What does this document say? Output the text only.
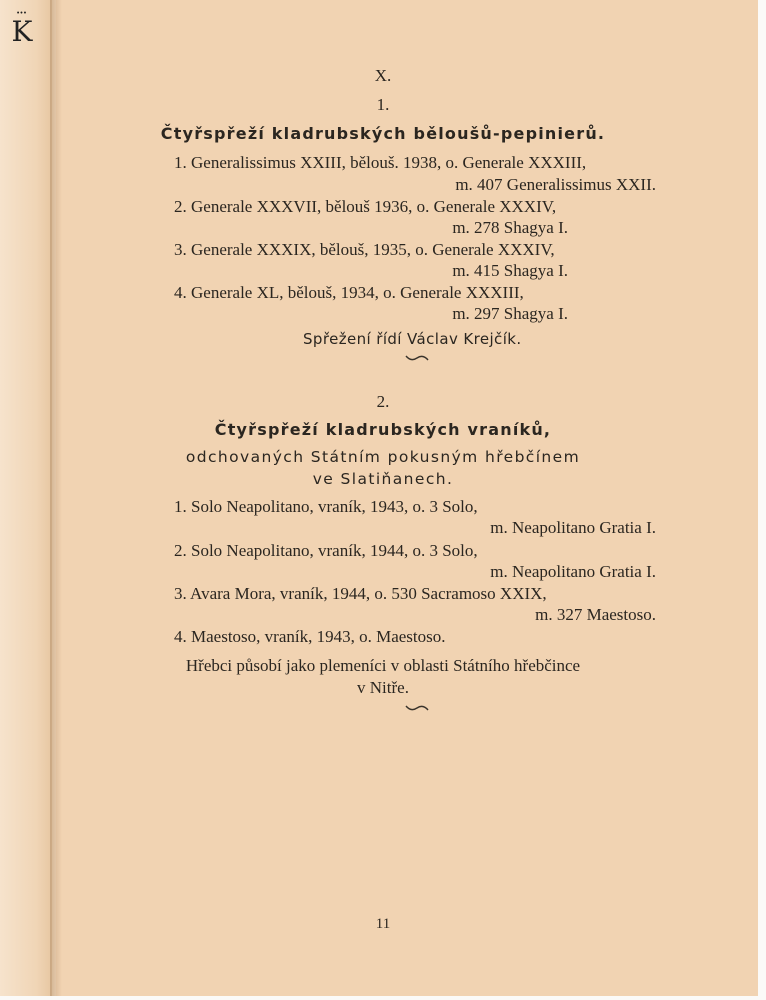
•••
K
X.
1.
Čtyřspřeží kladrubských běloušů-pepinierů.
1. Generalissimus XXIII, bělouš. 1938, o. Generale XXXIII,
m. 407 Generalissimus XXII.
2. Generale XXXVII, bělouš 1936, o. Generale XXXIV,
m. 278 Shagya I.
3. Generale XXXIX, bělouš, 1935, o. Generale XXXIV,
m. 415 Shagya I.
4. Generale XL, bělouš, 1934, o. Generale XXXIII,
m. 297 Shagya I.
Spřežení řídí Václav Krejčík.
2.
Čtyřspřeží kladrubských vraníků,
odchovaných Státním pokusným hřebčínem
ve Slatiňanech.
1. Solo Neapolitano, vraník, 1943, o. 3 Solo,
m. Neapolitano Gratia I.
2. Solo Neapolitano, vraník, 1944, o. 3 Solo,
m. Neapolitano Gratia I.
3. Avara Mora, vraník, 1944, o. 530 Sacramoso XXIX,
m. 327 Maestoso.
4. Maestoso, vraník, 1943, o. Maestoso.
Hřebci působí jako plemeníci v oblasti Státního hřebčince
v Nitře.
11
